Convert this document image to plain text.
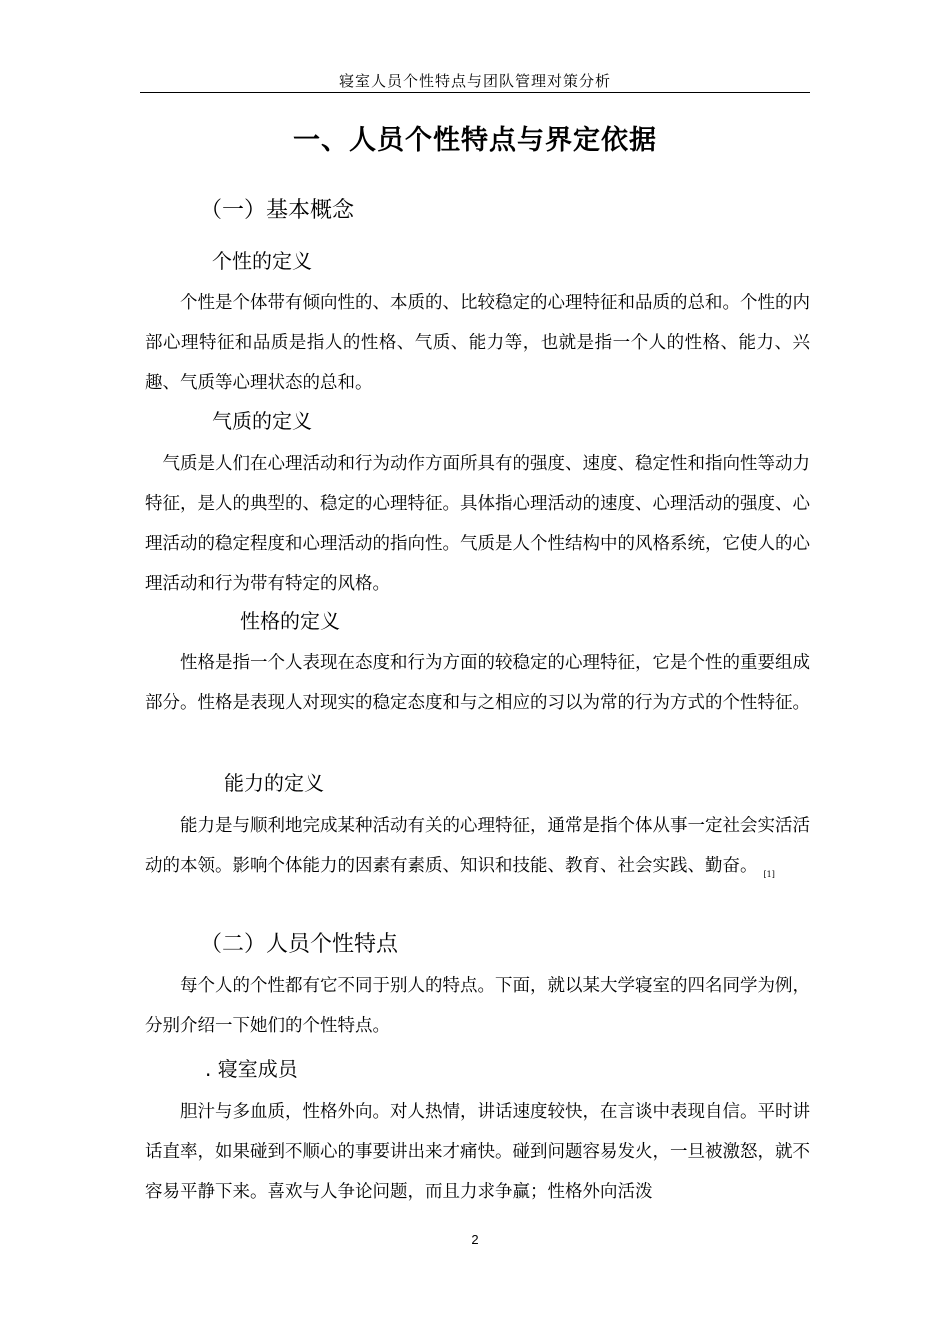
寝室人员个性特点与团队管理对策分析
一、人员个性特点与界定依据
（一）基本概念
个性的定义

　　个性是个体带有倾向性的、本质的、比较稳定的心理特征和品质的总和。个性的内部心理特征和品质是指人的性格、气质、能力等，也就是指一个人的性格、能力、兴趣、气质等心理状态的总和。

气质的定义

　气质是人们在心理活动和行为动作方面所具有的强度、速度、稳定性和指向性等动力特征，是人的典型的、稳定的心理特征。具体指心理活动的速度、心理活动的强度、心理活动的稳定程度和心理活动的指向性。气质是人个性结构中的风格系统，它使人的心理活动和行为带有特定的风格。

性格的定义

　　性格是指一个人表现在态度和行为方面的较稳定的心理特征，它是个性的重要组成部分。性格是表现人对现实的稳定态度和与之相应的习以为常的行为方式的个性特征。

能力的定义

　　能力是与顺利地完成某种活动有关的心理特征，通常是指个体从事一定社会实活活动的本领。影响个体能力的因素有素质、知识和技能、教育、社会实践、勤奋。 $_{[1]}$

（二）人员个性特点

　　每个人的个性都有它不同于别人的特点。下面，就以某大学寝室的四名同学为例，分别介绍一下她们的个性特点。

. 寝室成员

　　胆汁与多血质，性格外向。对人热情，讲话速度较快，在言谈中表现自信。平时讲话直率，如果碰到不顺心的事要讲出来才痛快。碰到问题容易发火，一旦被激怒，就不容易平静下来。喜欢与人争论问题，而且力求争赢；性格外向活泼

2
